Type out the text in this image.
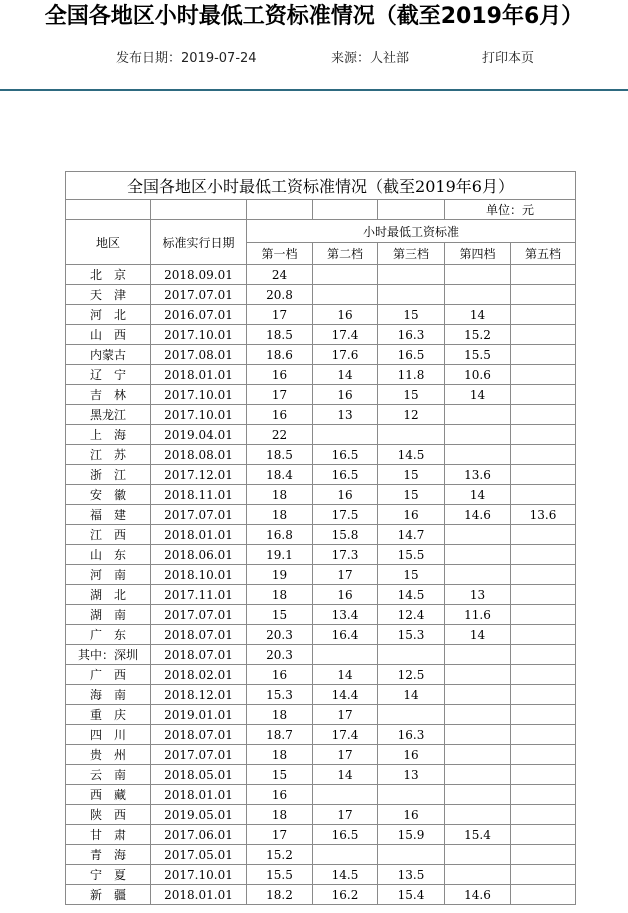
全国各地区小时最低工资标准情况（截至2019年6月）
发布日期：2019-07-24	来源：人社部	打印本页
全国各地区小时最低工资标准情况（截至2019年6月）						
					单位：元	
地区	标准实行日期	小时最低工资标准				
		第一档	第二档	第三档	第四档	第五档
北　京	2018.09.01	24				
天　津	2017.07.01	20.8				
河　北	2016.07.01	17	16	15	14	
山　西	2017.10.01	18.5	17.4	16.3	15.2	
内蒙古	2017.08.01	18.6	17.6	16.5	15.5	
辽　宁	2018.01.01	16	14	11.8	10.6	
吉　林	2017.10.01	17	16	15	14	
黑龙江	2017.10.01	16	13	12		
上　海	2019.04.01	22				
江　苏	2018.08.01	18.5	16.5	14.5		
浙　江	2017.12.01	18.4	16.5	15	13.6	
安　徽	2018.11.01	18	16	15	14	
福　建	2017.07.01	18	17.5	16	14.6	13.6
江　西	2018.01.01	16.8	15.8	14.7		
山　东	2018.06.01	19.1	17.3	15.5		
河　南	2018.10.01	19	17	15		
湖　北	2017.11.01	18	16	14.5	13	
湖　南	2017.07.01	15	13.4	12.4	11.6	
广　东	2018.07.01	20.3	16.4	15.3	14	
其中：深圳	2018.07.01	20.3				
广　西	2018.02.01	16	14	12.5		
海　南	2018.12.01	15.3	14.4	14		
重　庆	2019.01.01	18	17			
四　川	2018.07.01	18.7	17.4	16.3		
贵　州	2017.07.01	18	17	16		
云　南	2018.05.01	15	14	13		
西　藏	2018.01.01	16				
陕　西	2019.05.01	18	17	16		
甘　肃	2017.06.01	17	16.5	15.9	15.4	
青　海	2017.05.01	15.2				
宁　夏	2017.10.01	15.5	14.5	13.5		
新　疆	2018.01.01	18.2	16.2	15.4	14.6	
